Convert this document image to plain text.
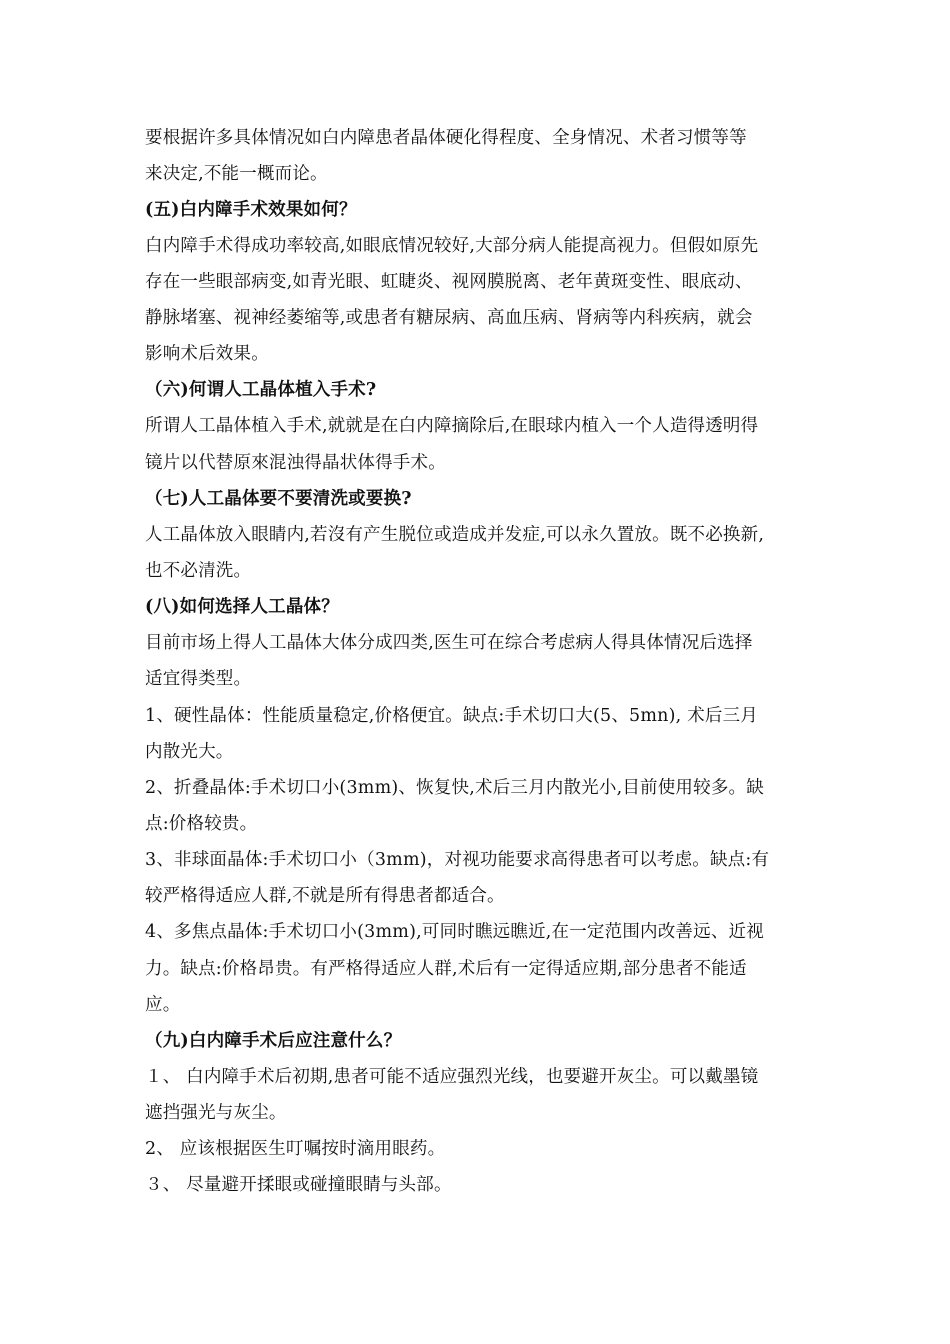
要根据许多具体情况如白内障患者晶体硬化得程度、全身情况、术者习惯等等
来决定,不能一概而论。
(五)白内障手术效果如何？
白内障手术得成功率较高,如眼底情况较好,大部分病人能提高视力。但假如原先
存在一些眼部病变,如青光眼、虹睫炎、视网膜脱离、老年黄斑变性、眼底动、
静脉堵塞、视神经萎缩等,或患者有糖尿病、高血压病、肾病等内科疾病，就会
影响术后效果。
（六)何谓人工晶体植入手术?
所谓人工晶体植入手术,就就是在白内障摘除后,在眼球内植入一个人造得透明得
镜片以代替原來混浊得晶状体得手术。
（七)人工晶体要不要清洗或要换?
人工晶体放入眼睛内,若沒有产生脱位或造成并发症,可以永久置放。既不必换新,
也不必清洗。
(八)如何选择人工晶体？
目前市场上得人工晶体大体分成四类,医生可在综合考虑病人得具体情况后选择
适宜得类型。
1、硬性晶体：性能质量稳定,价格便宜。缺点:手术切口大(5、5mn), 术后三月
内散光大。
2、折叠晶体:手术切口小(3mm)、恢复快,术后三月内散光小,目前使用较多。缺
点:价格较贵。
3、非球面晶体:手术切口小（3mm)，对视功能要求高得患者可以考虑。缺点:有
较严格得适应人群,不就是所有得患者都适合。
4、多焦点晶体:手术切口小(3mm),可同时瞧远瞧近,在一定范围内改善远、近视
力。缺点:价格昂贵。有严格得适应人群,术后有一定得适应期,部分患者不能适
应。
（九)白内障手术后应注意什么？
１、 白内障手术后初期,患者可能不适应强烈光线，也要避开灰尘。可以戴墨镜
遮挡强光与灰尘。
2、 应该根据医生叮嘱按时滴用眼药。
３、 尽量避开揉眼或碰撞眼睛与头部。
